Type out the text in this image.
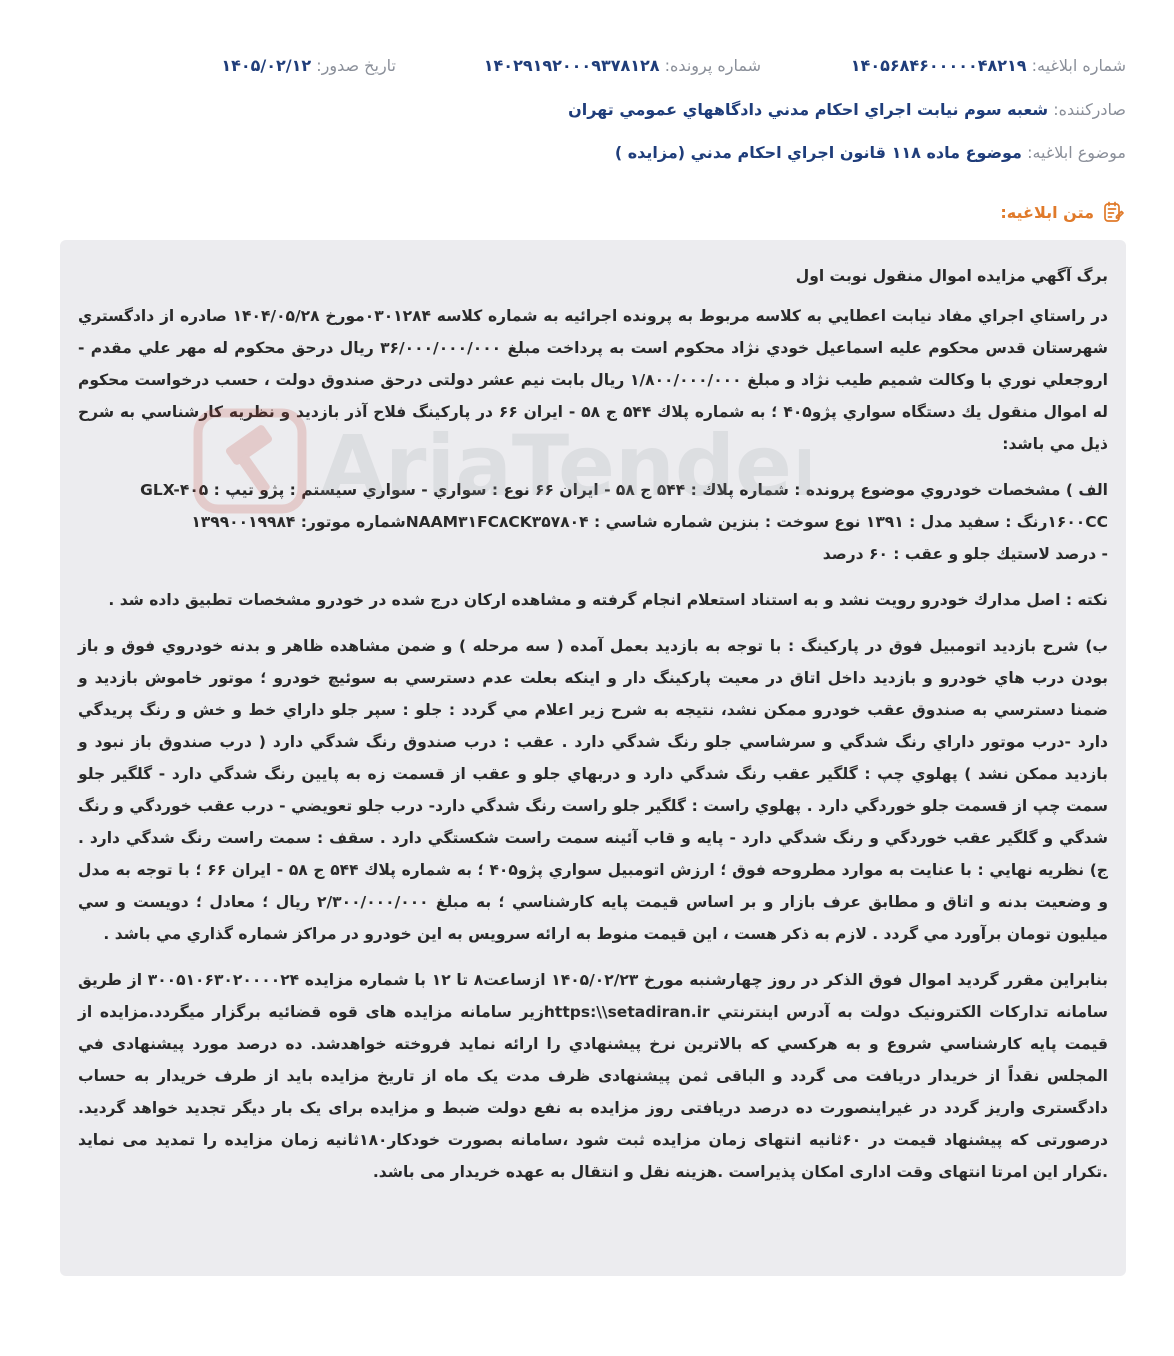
شماره ابلاغیه: ۱۴۰۵۶۸۴۶۰۰۰۰۰۴۸۲۱۹
شماره پرونده: ۱۴۰۲۹۱۹۲۰۰۰۹۳۷۸۱۲۸
تاریخ صدور: ۱۴۰۵/۰۲/۱۲
صادرکننده: شعبه سوم نيابت اجراي احكام مدني دادگاههاي عمومي تهران
موضوع ابلاغیه: موضوع ماده ۱۱۸ قانون اجراي احكام مدني (مزايده )
متن ابلاغیه:

برگ آگهي مزايده اموال منقول نوبت اول

در راستاي اجراي مفاد نيابت اعطايي به كلاسه مربوط به پرونده اجرائيه به شماره كلاسه ۰۳۰۱۲۸۴مورخ ۱۴۰۴/۰۵/۲۸ صادره از دادگستري شهرستان قدس محكوم عليه اسماعيل خودي نژاد محكوم است به پرداخت مبلغ ۳۶/۰۰۰/۰۰۰/۰۰۰ ريال درحق محكوم له مهر علي مقدم - اروجعلي نوري با وكالت شميم طيب نژاد و مبلغ ۱/۸۰۰/۰۰۰/۰۰۰ ريال بابت نيم عشر دولتی درحق صندوق دولت ، حسب درخواست محكوم له اموال منقول يك دستگاه سواري پژو۴۰۵ ؛ به شماره پلاك ۵۴۴ ج ۵۸ - ايران ۶۶ در پاركينگ فلاح آذر بازديد و نظريه كارشناسي به شرح ذيل مي باشد:

الف ) مشخصات خودروي موضوع پرونده : شماره پلاك : ۵۴۴ ج ۵۸ - ايران ۶۶ نوع : سواري - سواري سيستم : پژو تيپ : GLX-۴۰۵
۱۶۰۰CCرنگ : سفيد مدل : ۱۳۹۱ نوع سوخت : بنزين شماره شاسي : NAAM۳۱FC۸CK۳۵۷۸۰۴شماره موتور: ۱۳۹۹۰۰۱۹۹۸۴
- درصد لاستيك جلو و عقب : ۶۰ درصد

نكته : اصل مدارك خودرو رويت نشد و به استناد استعلام انجام گرفته و مشاهده اركان درج شده در خودرو مشخصات تطبيق داده شد .

ب) شرح بازديد اتومبيل فوق در پاركينگ : با توجه به بازديد بعمل آمده ( سه مرحله ) و ضمن مشاهده ظاهر و بدنه خودروي فوق و باز بودن درب هاي خودرو و بازديد داخل اتاق در معيت پاركينگ دار و اينكه بعلت عدم دسترسي به سوئيچ خودرو ؛ موتور خاموش بازديد و ضمنا دسترسي به صندوق عقب خودرو ممكن نشد، نتيجه به شرح زير اعلام مي گردد : جلو : سپر جلو داراي خط و خش و رنگ پريدگي دارد -درب موتور داراي رنگ شدگي و سرشاسي جلو رنگ شدگي دارد . عقب : درب صندوق رنگ شدگي دارد ( درب صندوق باز نبود و بازديد ممكن نشد ) پهلوي چپ : گلگير عقب رنگ شدگي دارد و دربهاي جلو و عقب از قسمت زه به پايين رنگ شدگي دارد - گلگير جلو سمت چپ از قسمت جلو خوردگي دارد . پهلوي راست : گلگير جلو راست رنگ شدگي دارد- درب جلو تعويضي - درب عقب خوردگي و رنگ شدگي و گلگير عقب خوردگي و رنگ شدگي دارد - پايه و قاب آئينه سمت راست شكستگي دارد . سقف : سمت راست رنگ شدگي دارد . ج) نظريه نهايي : با عنايت به موارد مطروحه فوق ؛ ارزش اتومبيل سواري پژو۴۰۵ ؛ به شماره پلاك ۵۴۴ ج ۵۸ - ايران ۶۶ ؛ با توجه به مدل و وضعيت بدنه و اتاق و مطابق عرف بازار و بر اساس قيمت پايه كارشناسي ؛ به مبلغ ۲/۳۰۰/۰۰۰/۰۰۰ ريال ؛ معادل ؛ دويست و سي ميليون تومان برآورد مي گردد . لازم به ذكر هست ، اين قيمت منوط به ارائه سرويس به اين خودرو در مراكز شماره گذاري مي باشد .

بنابراین مقرر گرديد اموال فوق الذكر در روز چهارشنبه مورخ ۱۴۰۵/۰۲/۲۳ ازساعت۸ تا ۱۲ با شماره مزايده ۳۰۰۵۱۰۶۳۰۲۰۰۰۰۲۴ از طريق سامانه تداركات الكترونيک دولت به آدرس اينترنتي https:\\setadiran.irزير سامانه مزايده های قوه قضائيه برگزار میگردد.مزايده از قيمت پايه كارشناسي شروع و به هركسي كه بالاترين نرخ پيشنهادي را ارائه نمايد فروخته خواهدشد. ده درصد مورد پيشنهادی في المجلس نقداً از خريدار دريافت می گردد و الباقی ثمن پيشنهادی ظرف مدت یک ماه از تاريخ مزايده بايد از طرف خريدار به حساب دادگستری واريز گردد در غيراينصورت ده درصد دريافتی روز مزايده به نفع دولت ضبط و مزايده برای یک بار ديگر تجديد خواهد گرديد. درصورتی كه پيشنهاد قيمت در ۶۰ثانيه انتهای زمان مزايده ثبت شود ،سامانه بصورت خودكار۱۸۰ثانيه زمان مزايده را تمديد می نمايد .تكرار اين امرتا انتهای وقت اداری امكان پذيراست .هزينه نقل و انتقال به عهده خريدار می باشد.
